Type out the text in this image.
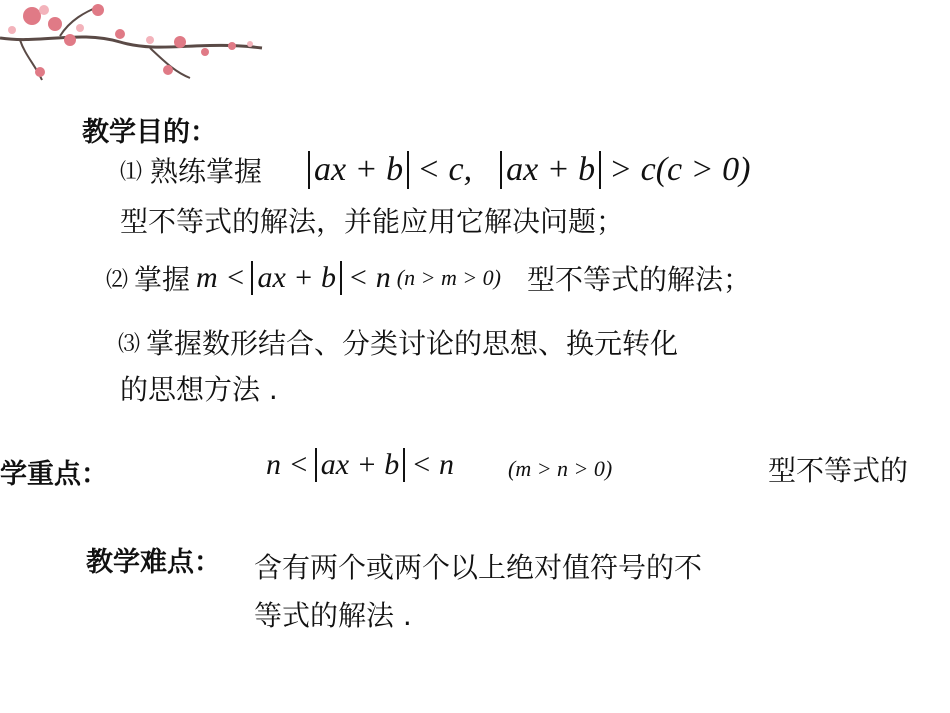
教学目的：
⑴ 熟练掌握 ax + b < c, ax + b > c(c > 0)
型不等式的解法，并能应用它解决问题；
⑵ 掌握 m < ax + b < n (n > m > 0) 型不等式的解法；
⑶ 掌握数形结合、分类讨论的思想、换元转化
的思想方法 .
学重点：	n < ax + b < n (m > n > 0)	型不等式的
教学难点： 含有两个或两个以上绝对值符号的不
等式的解法 .
